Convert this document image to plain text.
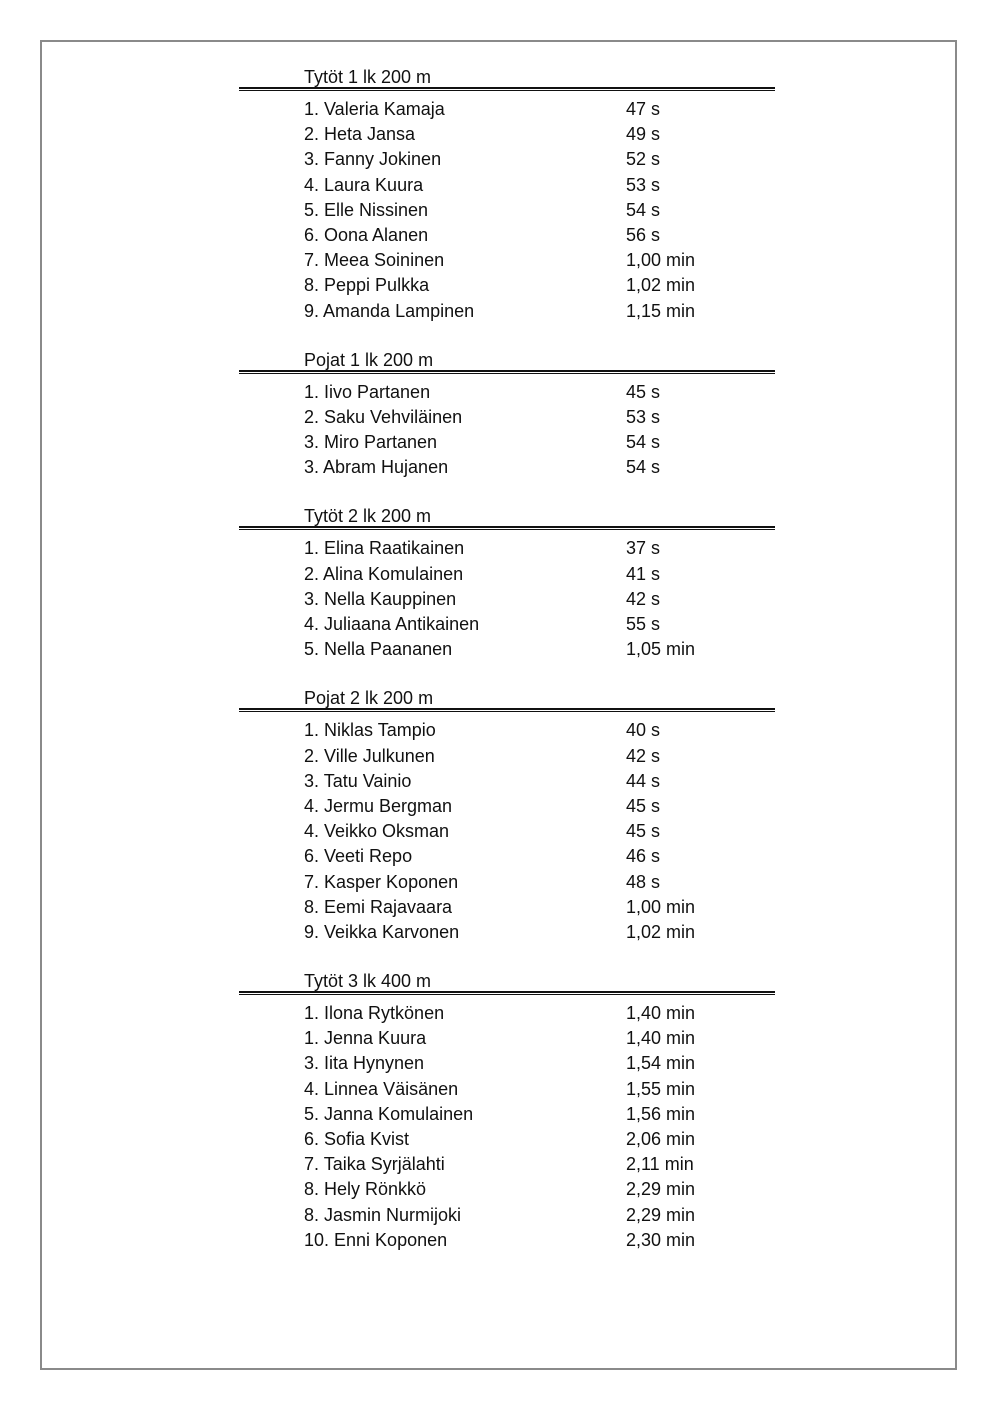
Tytöt 1 lk 200 m
1. Valeria Kamaja	47 s
2. Heta Jansa	49 s
3. Fanny Jokinen	52 s
4. Laura Kuura	53 s
5. Elle Nissinen	54 s
6. Oona Alanen	56 s
7. Meea Soininen	1,00 min
8. Peppi Pulkka	1,02 min
9. Amanda Lampinen	1,15 min
Pojat 1 lk 200 m
1. Iivo Partanen	45 s
2. Saku Vehviläinen	53 s
3. Miro Partanen	54 s
3. Abram Hujanen	54 s
Tytöt 2 lk 200 m
1. Elina Raatikainen	37 s
2. Alina Komulainen	41 s
3. Nella Kauppinen	42 s
4. Juliaana Antikainen	55 s
5. Nella Paananen	1,05 min
Pojat 2 lk 200 m
1. Niklas Tampio	40 s
2. Ville Julkunen	42 s
3. Tatu Vainio	44 s
4. Jermu Bergman	45 s
4. Veikko Oksman	45 s
6. Veeti Repo	46 s
7. Kasper Koponen	48 s
8. Eemi Rajavaara	1,00 min
9. Veikka Karvonen	1,02 min
Tytöt 3 lk 400 m
1. Ilona Rytkönen	1,40 min
1. Jenna Kuura	1,40 min
3. Iita Hynynen	1,54 min
4. Linnea Väisänen	1,55 min
5. Janna Komulainen	1,56 min
6. Sofia Kvist	2,06 min
7. Taika Syrjälahti	2,11 min
8. Hely Rönkkö	2,29 min
8. Jasmin Nurmijoki	2,29 min
10. Enni Koponen	2,30 min
